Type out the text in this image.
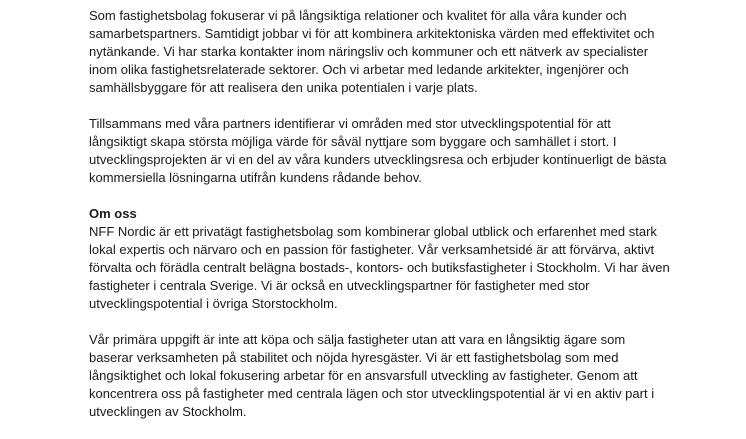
Som fastighetsbolag fokuserar vi på långsiktiga relationer och kvalitet för alla våra kunder och
samarbetspartners. Samtidigt jobbar vi för att kombinera arkitektoniska värden med effektivitet och
nytänkande. Vi har starka kontakter inom näringsliv och kommuner och ett nätverk av specialister
inom olika fastighetsrelaterade sektorer. Och vi arbetar med ledande arkitekter, ingenjörer och
samhällsbyggare för att realisera den unika potentialen i varje plats.

Tillsammans med våra partners identifierar vi områden med stor utvecklingspotential för att
långsiktigt skapa största möjliga värde för såväl nyttjare som byggare och samhället i stort. I
utvecklingsprojekten är vi en del av våra kunders utvecklingsresa och erbjuder kontinuerligt de bästa
kommersiella lösningarna utifrån kundens rådande behov.

Om oss
NFF Nordic är ett privatägt fastighetsbolag som kombinerar global utblick och erfarenhet med stark
lokal expertis och närvaro och en passion för fastigheter. Vår verksamhetsidé är att förvärva, aktivt
förvalta och förädla centralt belägna bostads-, kontors- och butiksfastigheter i Stockholm. Vi har även
fastigheter i centrala Sverige. Vi är också en utvecklingspartner för fastigheter med stor
utvecklingspotential i övriga Storstockholm.

Vår primära uppgift är inte att köpa och sälja fastigheter utan att vara en långsiktig ägare som
baserar verksamheten på stabilitet och nöjda hyresgäster. Vi är ett fastighetsbolag som med
långsiktighet och lokal fokusering arbetar för en ansvarsfull utveckling av fastigheter. Genom att
koncentrera oss på fastigheter med centrala lägen och stor utvecklingspotential är vi en aktiv part i
utvecklingen av Stockholm.
